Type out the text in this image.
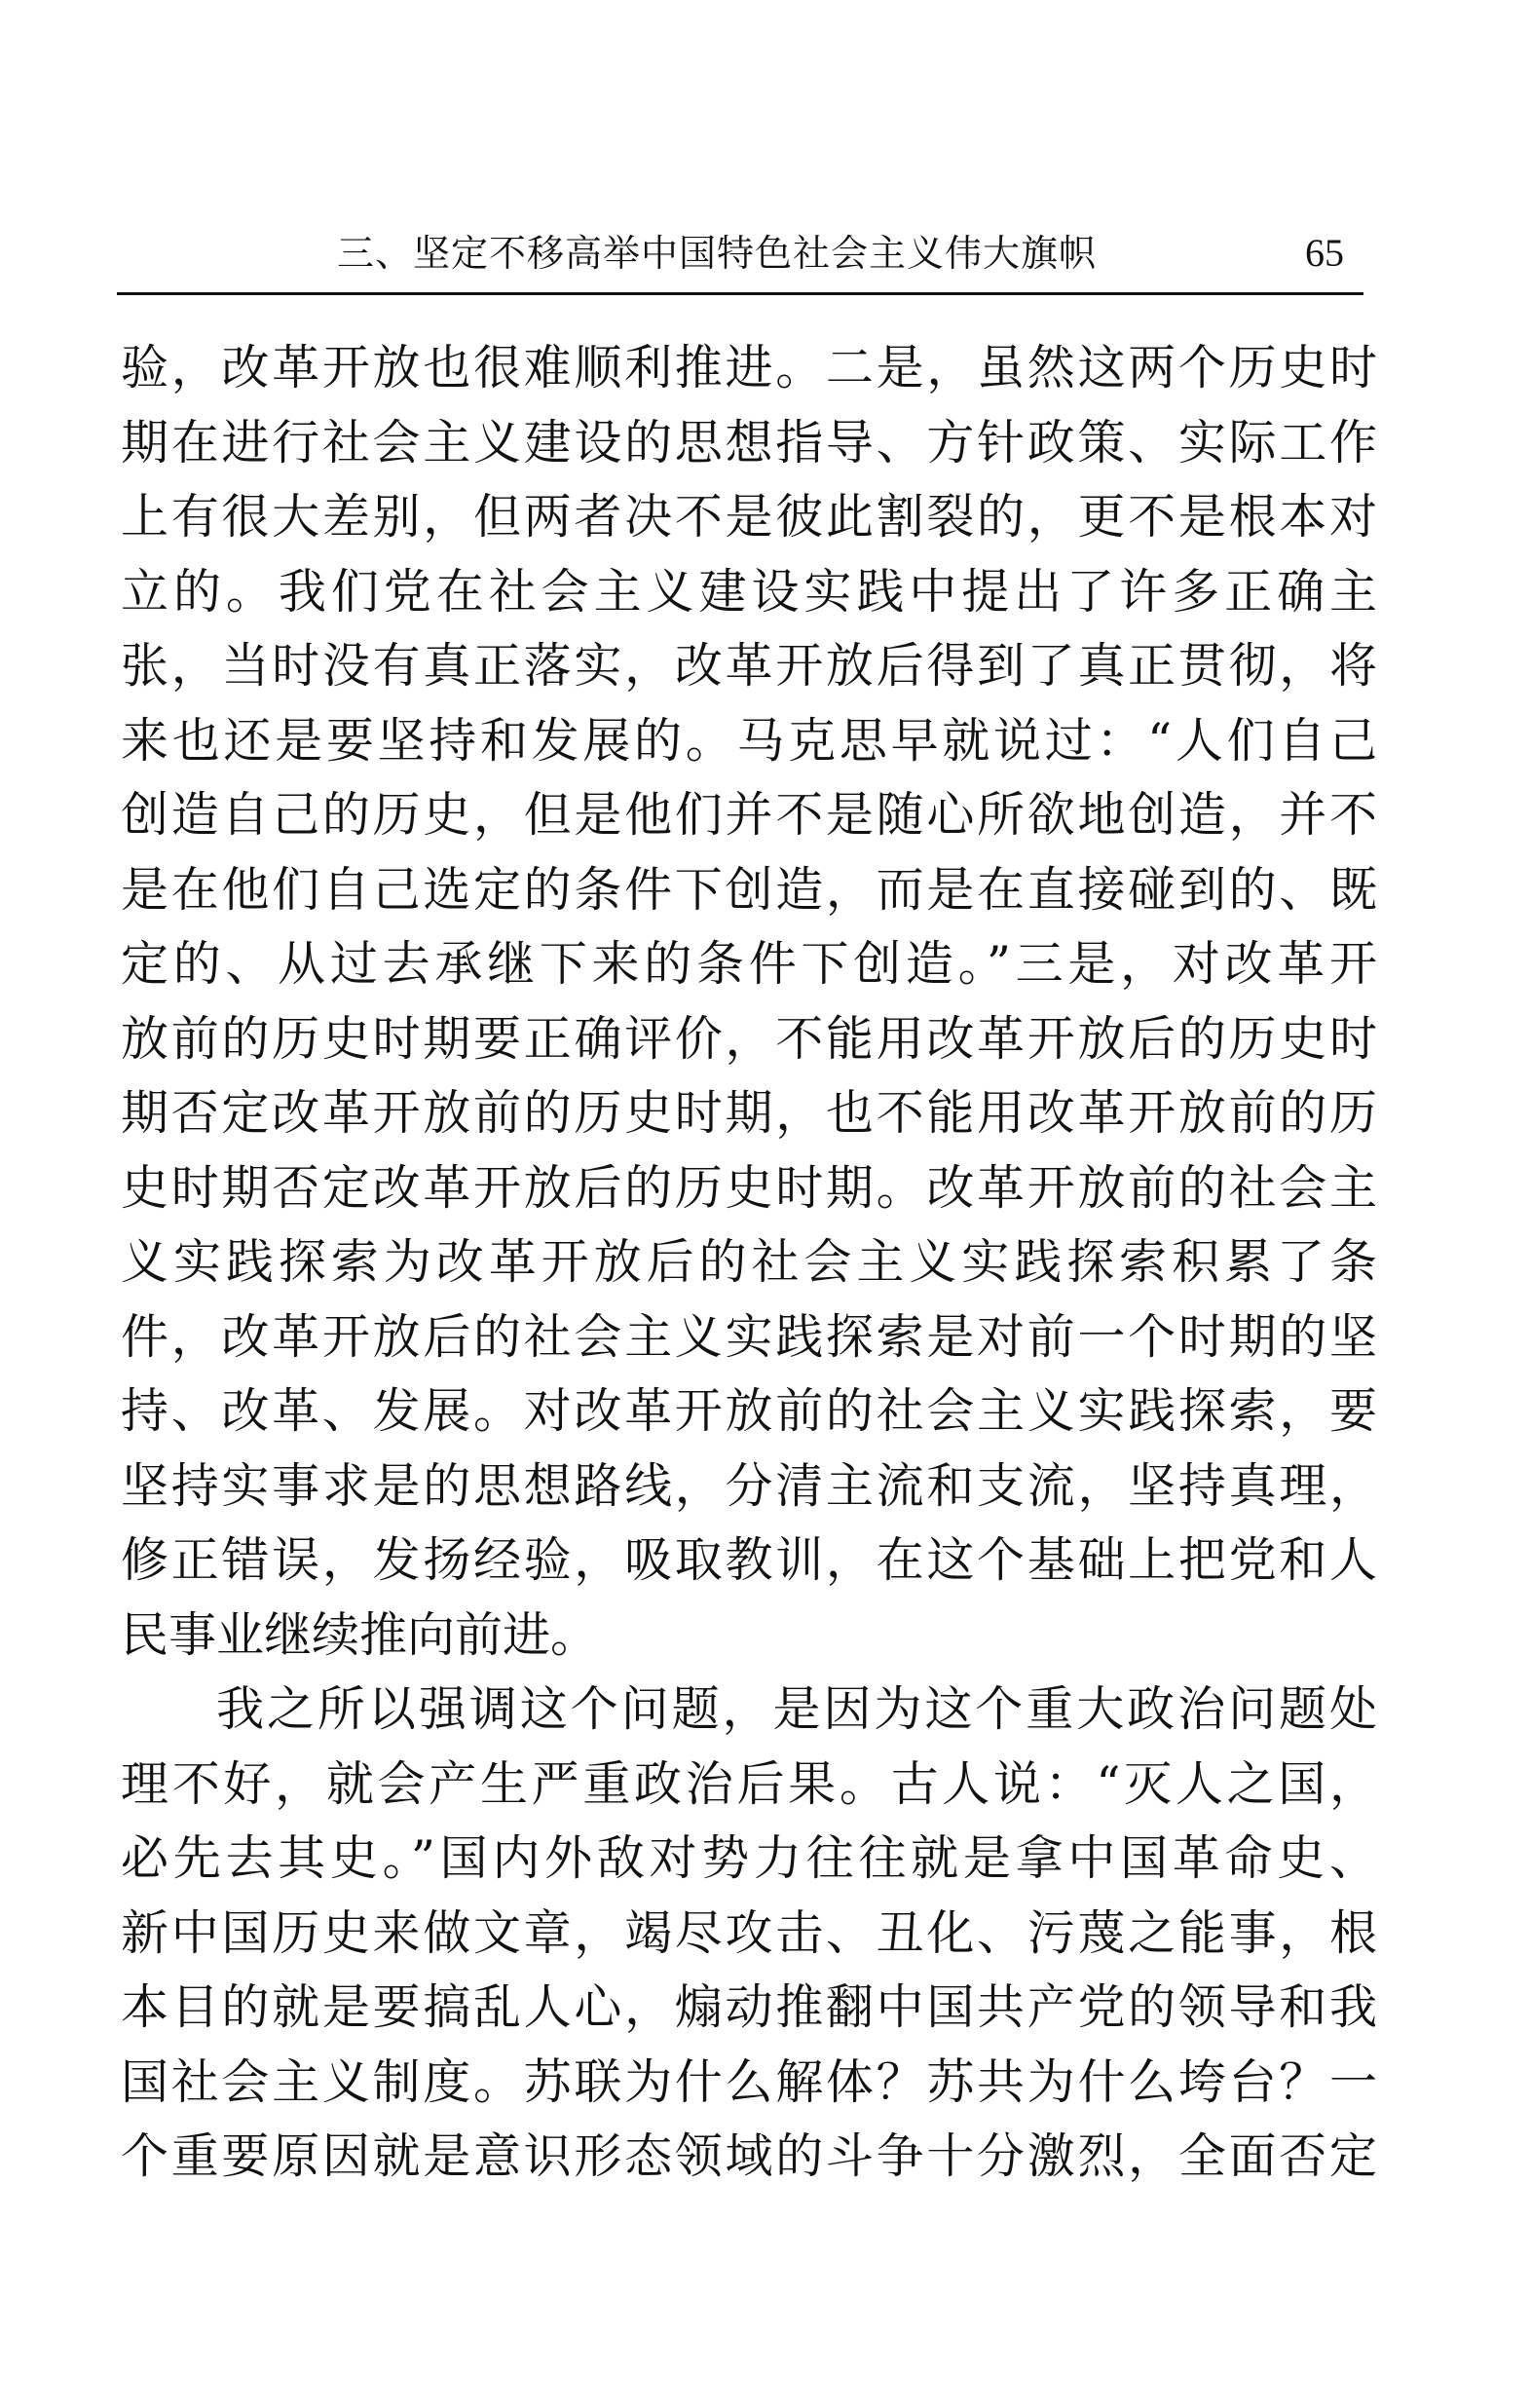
三、坚定不移高举中国特色社会主义伟大旗帜	65
验，改革开放也很难顺利推进。二是，虽然这两个历史时
期在进行社会主义建设的思想指导、方针政策、实际工作
上有很大差别，但两者决不是彼此割裂的，更不是根本对
立的。我们党在社会主义建设实践中提出了许多正确主
张，当时没有真正落实，改革开放后得到了真正贯彻，将
来也还是要坚持和发展的。马克思早就说过：“人们自己
创造自己的历史，但是他们并不是随心所欲地创造，并不
是在他们自己选定的条件下创造，而是在直接碰到的、既
定的、从过去承继下来的条件下创造。”三是，对改革开
放前的历史时期要正确评价，不能用改革开放后的历史时
期否定改革开放前的历史时期，也不能用改革开放前的历
史时期否定改革开放后的历史时期。改革开放前的社会主
义实践探索为改革开放后的社会主义实践探索积累了条
件，改革开放后的社会主义实践探索是对前一个时期的坚
持、改革、发展。对改革开放前的社会主义实践探索，要
坚持实事求是的思想路线，分清主流和支流，坚持真理，
修正错误，发扬经验，吸取教训，在这个基础上把党和人
民事业继续推向前进。
我之所以强调这个问题，是因为这个重大政治问题处
理不好，就会产生严重政治后果。古人说：“灭人之国，
必先去其史。”国内外敌对势力往往就是拿中国革命史、
新中国历史来做文章，竭尽攻击、丑化、污蔑之能事，根
本目的就是要搞乱人心，煽动推翻中国共产党的领导和我
国社会主义制度。苏联为什么解体？苏共为什么垮台？一
个重要原因就是意识形态领域的斗争十分激烈，全面否定
